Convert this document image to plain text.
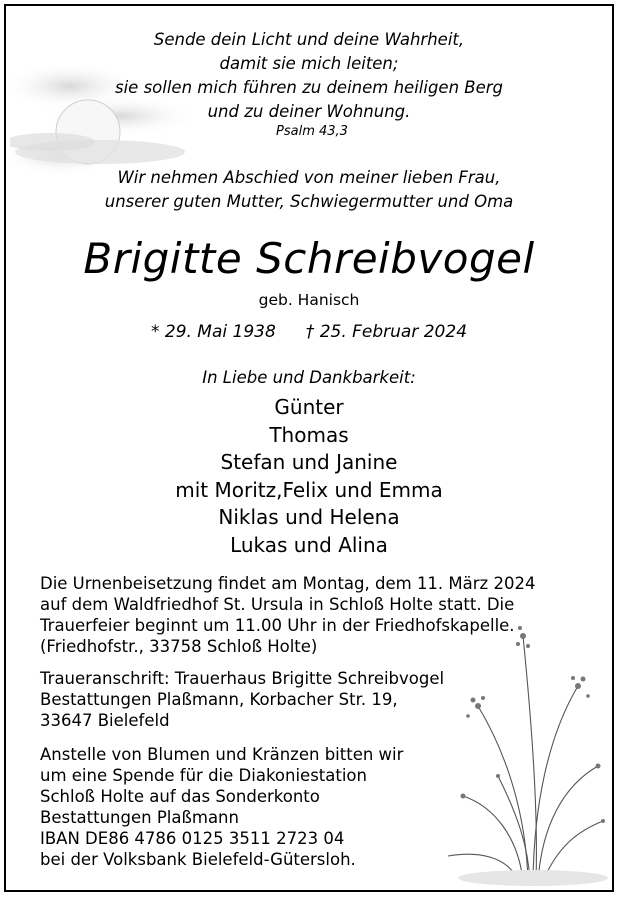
Sende dein Licht und deine Wahrheit,
damit sie mich leiten;
sie sollen mich führen zu deinem heiligen Berg
und zu deiner Wohnung.
Psalm 43,3
Wir nehmen Abschied von meiner lieben Frau,
unserer guten Mutter, Schwiegermutter und Oma
Brigitte Schreibvogel
geb. Hanisch
* 29. Mai 1938 † 25. Februar 2024
In Liebe und Dankbarkeit:
Günter
Thomas
Stefan und Janine
mit Moritz,Felix und Emma
Niklas und Helena
Lukas und Alina
Die Urnenbeisetzung findet am Montag, dem 11. März 2024
auf dem Waldfriedhof St. Ursula in Schloß Holte statt. Die
Trauerfeier beginnt um 11.00 Uhr in der Friedhofskapelle.
(Friedhofstr., 33758 Schloß Holte)
Traueranschrift: Trauerhaus Brigitte Schreibvogel
Bestattungen Plaßmann, Korbacher Str. 19,
33647 Bielefeld
Anstelle von Blumen und Kränzen bitten wir
um eine Spende für die Diakoniestation
Schloß Holte auf das Sonderkonto
Bestattungen Plaßmann
IBAN DE86 4786 0125 3511 2723 04
bei der Volksbank Bielefeld-Gütersloh.
